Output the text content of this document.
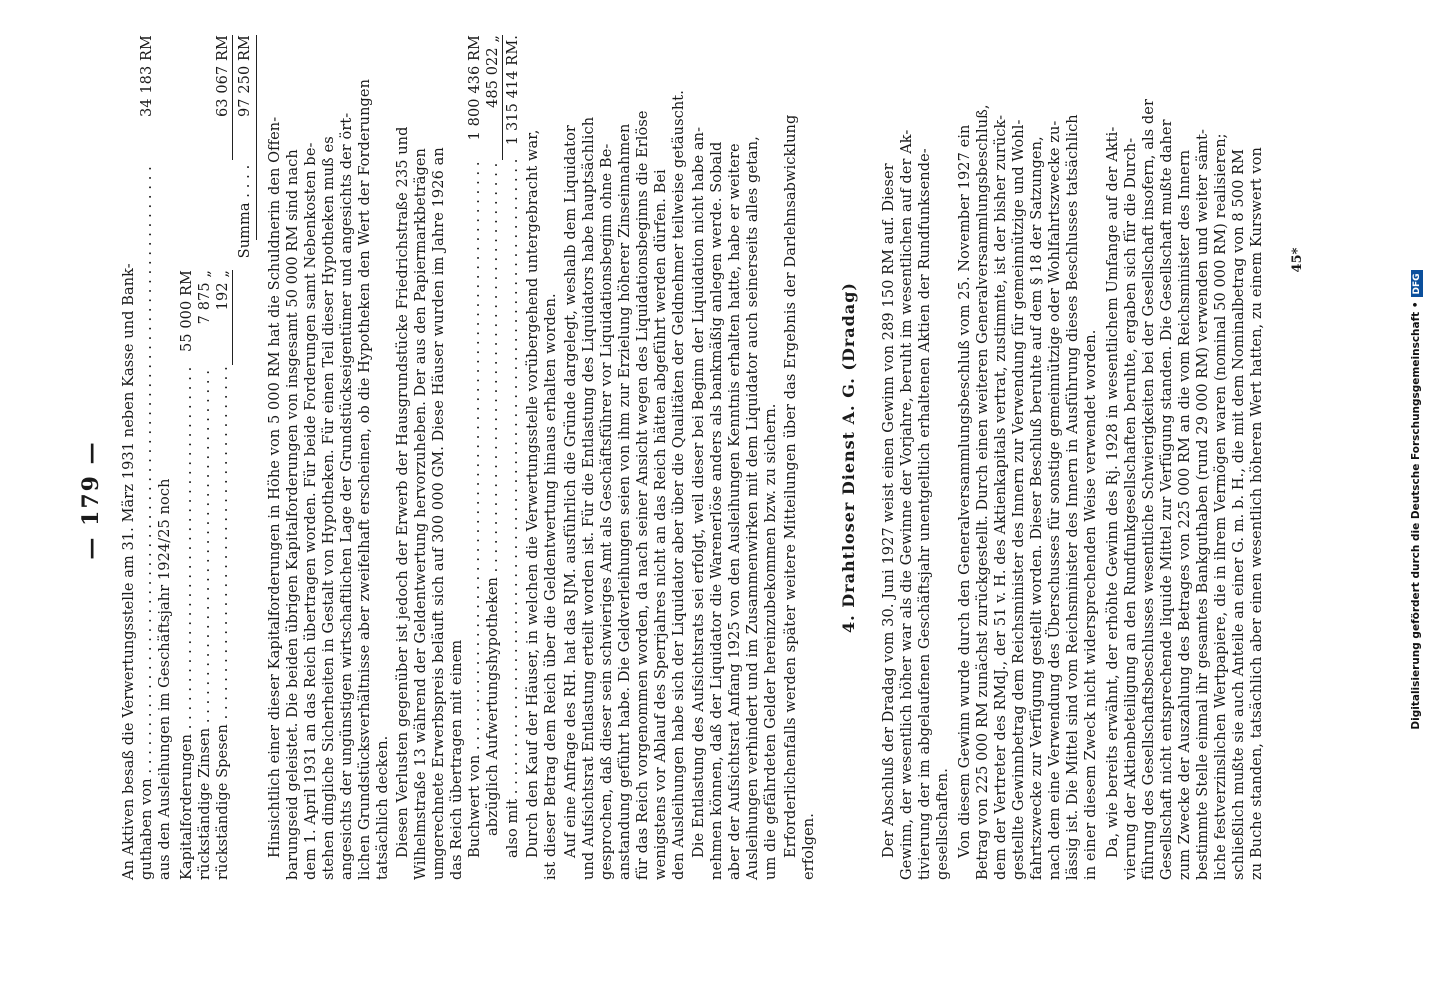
— 179 — An Aktiven besaß die Verwertungsstelle am 31. März 1931 neben Kasse und Bank- guthaben von . . .
34 183 RM
aus den Ausleihungen im Geschäftsjahr 1924/25 noch Kapitalforderungen . . .
55 000 RM
rückständige Zinsen . . .
7 875 „
rückständige Spesen . . .
192 „
63 067 RM
Summa . . . . 97 250 RM
Hinsichtlich einer dieser Kapitalforderungen in Höhe von 5 000 RM hat die Schuldnerin den Offen- barungseid geleistet. Die beiden übrigen Kapitalforderungen von insgesamt 50 000 RM sind nach dem 1. April 1931 an das Reich übertragen worden. Für beide Forderungen samt Nebenkosten be- stehen dingliche Sicherheiten in Gestalt von Hypotheken. Für einen Teil dieser Hypotheken muß es angesichts der ungünstigen wirtschaftlichen Lage der Grundstückseigentümer und angesichts der ört- lichen Grundstücksverhältnisse aber zweifelhaft erscheinen, ob die Hypotheken den Wert der Forderungen tatsächlich decken. Diesen Verlusten gegenüber ist jedoch der Erwerb der Hausgrundstücke Friedrichstraße 235 und Wilhelmstraße 13 während der Geldentwertung hervorzuheben. Der aus den Papiermarkbeträgen umgerechnete Erwerbspreis beläuft sich auf 300 000 GM. Diese Häuser wurden im Jahre 1926 an das Reich übertragen mit einem Buchwert von . . .
1 800 436 RM
abzüglich Aufwertungshypotheken . . .
485 022 „
also mit . . .
1 315 414 RM.
Durch den Kauf der Häuser, in welchen die Verwertungsstelle vorübergehend untergebracht war, ist dieser Betrag dem Reich über die Geldentwertung hinaus erhalten worden. Auf eine Anfrage des RH. hat das RJM. ausführlich die Gründe dargelegt, weshalb dem Liquidator und Aufsichtsrat Entlastung erteilt worden ist. Für die Entlastung des Liquidators habe hauptsächlich gesprochen, daß dieser sein schwieriges Amt als Geschäftsführer vor Liquidationsbeginn ohne Be- anstandung geführt habe. Die Geldverleihungen seien von ihm zur Erzielung höherer Zinseinnahmen für das Reich vorgenommen worden, da nach seiner Ansicht wegen des Liquidationsbeginns die Erlöse wenigstens vor Ablauf des Sperrjahres nicht an das Reich hätten abgeführt werden dürfen. Bei den Ausleihungen habe sich der Liquidator aber über die Qualitäten der Geldnehmer teilweise getäuscht. Die Entlastung des Aufsichtsrats sei erfolgt, weil dieser bei Beginn der Liquidation nicht habe an- nehmen können, daß der Liquidator die Warenerlöse anders als bankmäßig anlegen werde. Sobald aber der Aufsichtsrat Anfang 1925 von den Ausleihungen Kenntnis erhalten hatte, habe er weitere Ausleihungen verhindert und im Zusammenwirken mit dem Liquidator auch seinerseits alles getan, um die gefährdeten Gelder hereinzubekommen bzw. zu sichern. Erforderlichenfalls werden später weitere Mitteilungen über das Ergebnis der Darlehnsabwicklung erfolgen.
4. Drahtloser Dienst A. G. (Dradag) Der Abschluß der Dradag vom 30. Juni 1927 weist einen Gewinn von 289 150 RM auf. Dieser Gewinn, der wesentlich höher war als die Gewinne der Vorjahre, beruht im wesentlichen auf der Ak- tivierung der im abgelaufenen Geschäftsjahr unentgeltlich erhaltenen Aktien der Rundfunksende- gesellschaften. Von diesem Gewinn wurde durch den Generalversammlungsbeschluß vom 25. November 1927 ein Betrag von 225 000 RM zunächst zurückgestellt. Durch einen weiteren Generalversammlungsbeschluß, dem der Vertreter des RMdJ., der 51 v. H. des Aktienkapitals vertrat, zustimmte, ist der bisher zurück- gestellte Gewinnbetrag dem Reichsminister des Innern zur Verwendung für gemeinnützige und Wohl- fahrtszwecke zur Verfügung gestellt worden. Dieser Beschluß beruhte auf dem § 18 der Satzungen, nach dem eine Verwendung des Überschusses für sonstige gemeinnützige oder Wohlfahrtszwecke zu- lässig ist. Die Mittel sind vom Reichsminister des Innern in Ausführung dieses Beschlusses tatsächlich in einer diesem Zweck nicht widersprechenden Weise verwendet worden. Da, wie bereits erwähnt, der erhöhte Gewinn des Rj. 1928 in wesentlichem Umfange auf der Akti- vierung der Aktienbeteiligung an den Rundfunkgesellschaften beruhte, ergaben sich für die Durch- führung des Gesellschaftsbeschlusses wesentliche Schwierigkeiten bei der Gesellschaft insofern, als der Gesellschaft nicht entsprechende liquide Mittel zur Verfügung standen. Die Gesellschaft mußte daher zum Zwecke der Auszahlung des Betrages von 225 000 RM an die vom Reichsminister des Innern bestimmte Stelle einmal ihr gesamtes Bankguthaben (rund 29 000 RM) verwenden und weiter sämt- liche festverzinslichen Wertpapiere, die in ihrem Vermögen waren (nominal 50 000 RM) realisieren; schließlich mußte sie auch Anteile an einer G. m. b. H., die mit dem Nominalbetrag von 8 500 RM zu Buche standen, tatsächlich aber einen wesentlich höheren Wert hatten, zu einem Kurswert von 45*
Digitalisierung gefördert durch die Deutsche Forschungsgemeinschaft •DFG
